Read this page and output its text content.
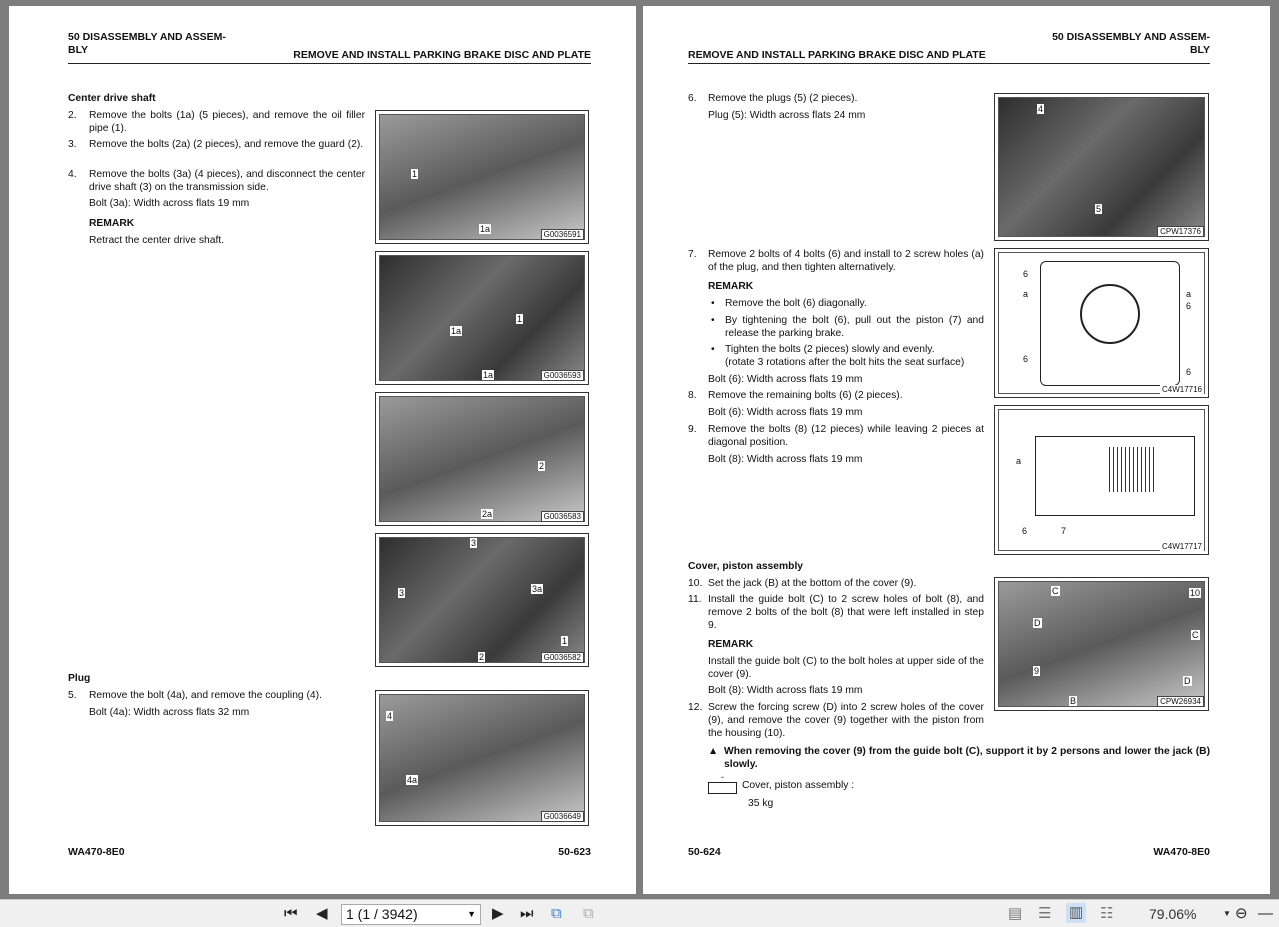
50 DISASSEMBLY AND ASSEM-
BLY	REMOVE AND INSTALL PARKING BRAKE DISC AND PLATE
Center drive shaft
2. Remove the bolts (1a) (5 pieces), and remove the oil filler pipe (1).
3. Remove the bolts (2a) (2 pieces), and remove the guard (2).
4. Remove the bolts (3a) (4 pieces), and disconnect the center drive shaft (3) on the transmission side.
Bolt (3a): Width across flats 19 mm
REMARK
Retract the center drive shaft.
Plug
5. Remove the bolt (4a), and remove the coupling (4).
Bolt (4a): Width across flats 32 mm
1
1a
G0036591
1
1a
1a	G0036593
2
2a	G0036583
3
3a
3
2
1
G0036582
4
4a
G0036649
WA470-8E0	50-623
REMOVE AND INSTALL PARKING BRAKE DISC AND PLATE
50 DISASSEMBLY AND ASSEM-
BLY
6. Remove the plugs (5) (2 pieces).
Plug (5): Width across flats 24 mm
7. Remove 2 bolts of 4 bolts (6) and install to 2 screw holes (a) of the plug, and then tighten alternatively.
REMARK
• Remove the bolt (6) diagonally.
• By tightening the bolt (6), pull out the piston (7) and release the parking brake.
• Tighten the bolts (2 pieces) slowly and evenly.
(rotate 3 rotations after the bolt hits the seat surface)
Bolt (6): Width across flats 19 mm
8. Remove the remaining bolts (6) (2 pieces).
Bolt (6): Width across flats 19 mm
9. Remove the bolts (8) (12 pieces) while leaving 2 pieces at diagonal position.
Bolt (8): Width across flats 19 mm
Cover, piston assembly
10. Set the jack (B) at the bottom of the cover (9).
11. Install the guide bolt (C) to 2 screw holes of bolt (8), and remove 2 bolts of the bolt (8) that were left installed in step 9.
REMARK
Install the guide bolt (C) to the bolt holes at upper side of the cover (9).
Bolt (8): Width across flats 19 mm
12. Screw the forcing screw (D) into 2 screw holes of the cover (9), and remove the cover (9) together with the piston from the housing (10).
▲ When removing the cover (9) from the guide bolt (C), support it by 2 persons and lower the jack (B) slowly.
⌃ Cover, piston assembly :
35 kg
4
5
CPW17376
6
a
6
6
6
a
C4W17716
a
6	7
C4W17717
C	10
D
C
9
D
B	CPW26934
50-624	WA470-8E0
⏮ ◀	1 (1 / 3942)	▼ ▶ ⏭ ⧉ ⧉	▤ ☰ ▥ ☷	79.06%	▼ ⊖ —
